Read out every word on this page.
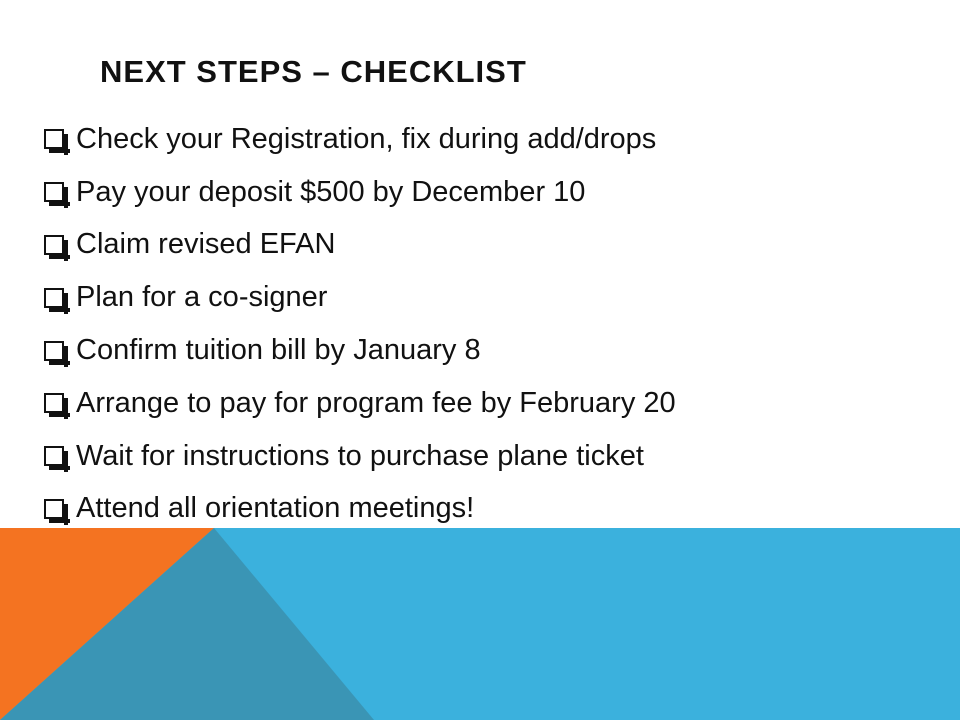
NEXT STEPS – CHECKLIST
Check your Registration, fix during add/drops
Pay your deposit $500 by December 10
Claim revised EFAN
Plan for a co-signer
Confirm tuition bill by January 8
Arrange to pay for program fee by February 20
Wait for instructions to purchase plane ticket
Attend all orientation meetings!
